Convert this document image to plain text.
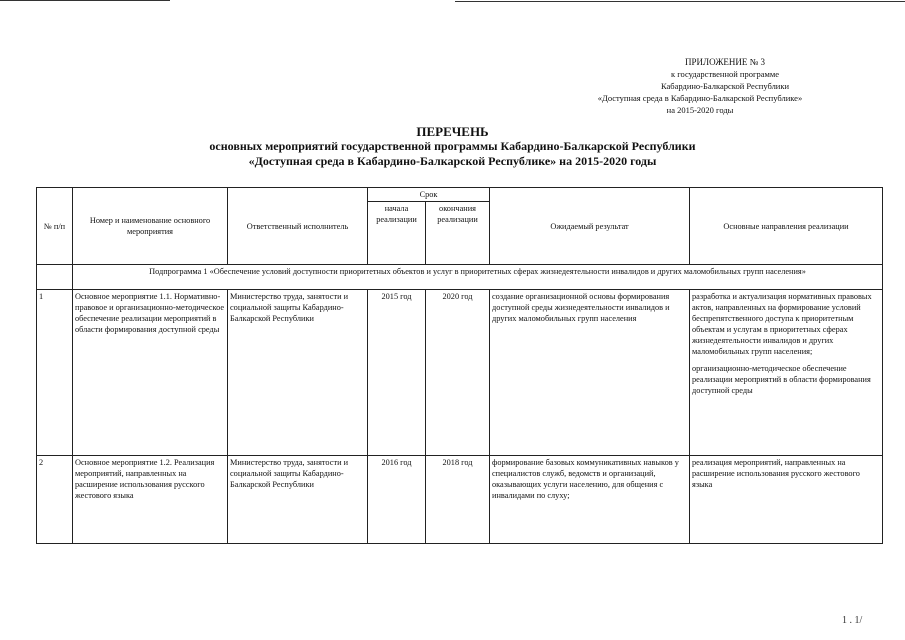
ПРИЛОЖЕНИЕ № 3
к государственной программе
Кабардино-Балкарской Республики
«Доступная среда в Кабардино-Балкарской Республике»
на 2015-2020 годы
ПЕРЕЧЕНЬ
основных мероприятий государственной программы Кабардино-Балкарской Республики
«Доступная среда в Кабардино-Балкарской Республике» на 2015-2020 годы
№ п/п	Номер и наименование основного мероприятия	Ответственный исполнитель	Срок		Ожидаемый результат	Основные направления реализации
			начала реализации	окончания реализации		
	Подпрограмма 1 «Обеспечение условий доступности приоритетных объектов и услуг в приоритетных сферах жизнедеятельности инвалидов и других маломобильных групп населения»					
1	Основное мероприятие 1.1. Нормативно-правовое и организационно-методическое обеспечение реализации мероприятий в области формирования доступной среды	Министерство труда, занятости и социальной защиты Кабардино-Балкарской Республики	2015 год	2020 год	создание организационной основы формирования доступной среды жизнедеятельности инвалидов и других маломобильных групп населения	разработка и актуализация нормативных правовых актов, направленных на формирование условий беспрепятственного доступа к приоритетным объектам и услугам в приоритетных сферах жизнедеятельности инвалидов и других маломобильных групп населения;
организационно-методическое обеспечение реализации мероприятий в области формирования доступной среды

2	Основное мероприятие 1.2. Реализация мероприятий, направленных на расширение использования русского жестового языка	Министерство труда, занятости и социальной защиты Кабардино-Балкарской Республики	2016 год	2018 год	формирование базовых коммуникативных навыков у специалистов служб, ведомств и организаций, оказывающих услуги населению, для общения с инвалидами по слуху;	реализация мероприятий, направленных на расширение использования русского жестового языка
1 . 1/
